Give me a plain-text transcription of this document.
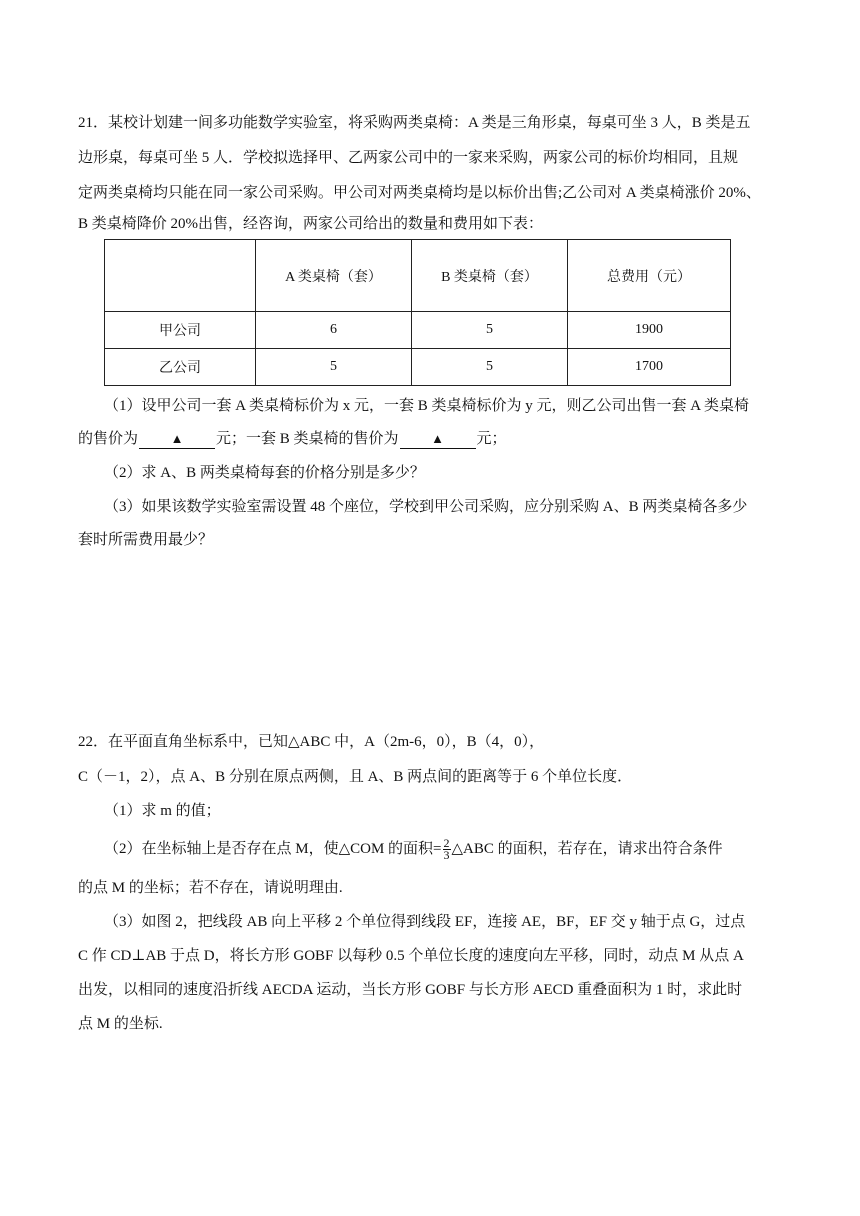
21．某校计划建一间多功能数学实验室，将采购两类桌椅：A 类是三角形桌，每桌可坐 3 人，B 类是五
边形桌，每桌可坐 5 人．学校拟选择甲、乙两家公司中的一家来采购，两家公司的标价均相同，且规
定两类桌椅均只能在同一家公司采购。甲公司对两类桌椅均是以标价出售;乙公司对 A 类桌椅涨价 20%、
B 类桌椅降价 20%出售，经咨询，两家公司给出的数量和费用如下表：
	A 类桌椅（套）	B 类桌椅（套）	总费用（元）
甲公司	6	5	1900
乙公司	5	5	1700
（1）设甲公司一套 A 类桌椅标价为 x 元，一套 B 类桌椅标价为 y 元，则乙公司出售一套 A 类桌椅
的售价为	▲ 元；一套 B 类桌椅的售价为	▲ 元；
（2）求 A、B 两类桌椅每套的价格分别是多少？
（3）如果该数学实验室需设置 48 个座位，学校到甲公司采购，应分别采购 A、B 两类桌椅各多少
套时所需费用最少？
22．在平面直角坐标系中，已知△ABC 中，A（2m-6，0），B（4，0），
C（－1，2），点 A、B 分别在原点两侧，且 A、B 两点间的距离等于 6 个单位长度．
（1）求 m 的值；
（2）在坐标轴上是否存在点 M，使△COM 的面积= $\frac{2}{3}$ △ABC 的面积，若存在，请求出符合条件
的点 M 的坐标；若不存在，请说明理由.
（3）如图 2，把线段 AB 向上平移 2 个单位得到线段 EF，连接 AE，BF，EF 交 y 轴于点 G，过点
C 作 CD⊥AB 于点 D，将长方形 GOBF 以每秒 0.5 个单位长度的速度向左平移，同时，动点 M 从点 A
出发，以相同的速度沿折线 AECDA 运动，当长方形 GOBF 与长方形 AECD 重叠面积为 1 时，求此时
点 M 的坐标.
